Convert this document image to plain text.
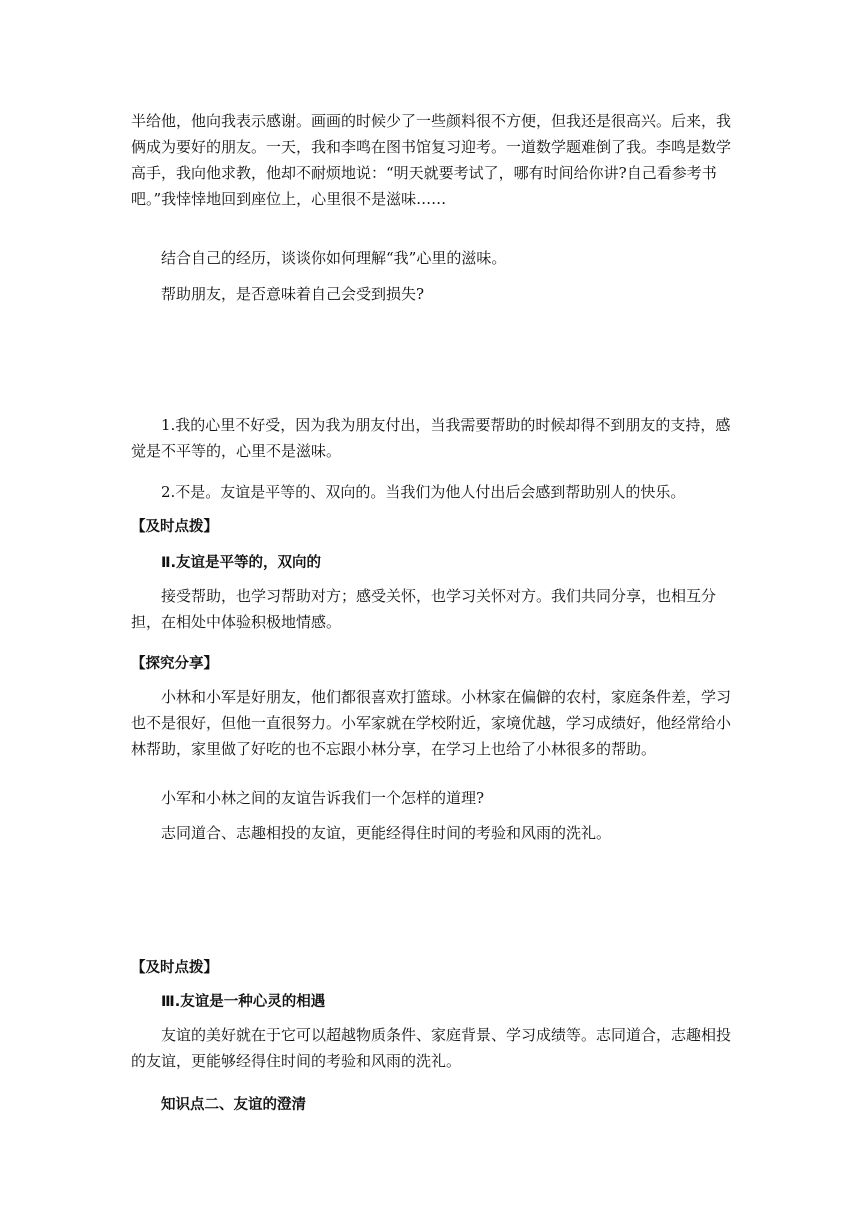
半给他，他向我表示感谢。画画的时候少了一些颜料很不方便，但我还是很高兴。后来，我俩成为要好的朋友。一天，我和李鸣在图书馆复习迎考。一道数学题难倒了我。李鸣是数学高手，我向他求教，他却不耐烦地说：“明天就要考试了，哪有时间给你讲?自己看参考书吧。”我悻悻地回到座位上，心里很不是滋味……

结合自己的经历，谈谈你如何理解“我”心里的滋味。

帮助朋友，是否意味着自己会受到损失?

1.我的心里不好受，因为我为朋友付出，当我需要帮助的时候却得不到朋友的支持，感觉是不平等的，心里不是滋味。

2.不是。友谊是平等的、双向的。当我们为他人付出后会感到帮助别人的快乐。

【及时点拨】

Ⅱ.友谊是平等的，双向的

接受帮助，也学习帮助对方；感受关怀，也学习关怀对方。我们共同分享，也相互分担，在相处中体验积极地情感。

【探究分享】

小林和小军是好朋友，他们都很喜欢打篮球。小林家在偏僻的农村，家庭条件差，学习也不是很好，但他一直很努力。小军家就在学校附近，家境优越，学习成绩好，他经常给小林帮助，家里做了好吃的也不忘跟小林分享，在学习上也给了小林很多的帮助。

小军和小林之间的友谊告诉我们一个怎样的道理?

志同道合、志趣相投的友谊，更能经得住时间的考验和风雨的洗礼。

【及时点拨】

Ⅲ.友谊是一种心灵的相遇

友谊的美好就在于它可以超越物质条件、家庭背景、学习成绩等。志同道合，志趣相投的友谊，更能够经得住时间的考验和风雨的洗礼。

知识点二、友谊的澄清
